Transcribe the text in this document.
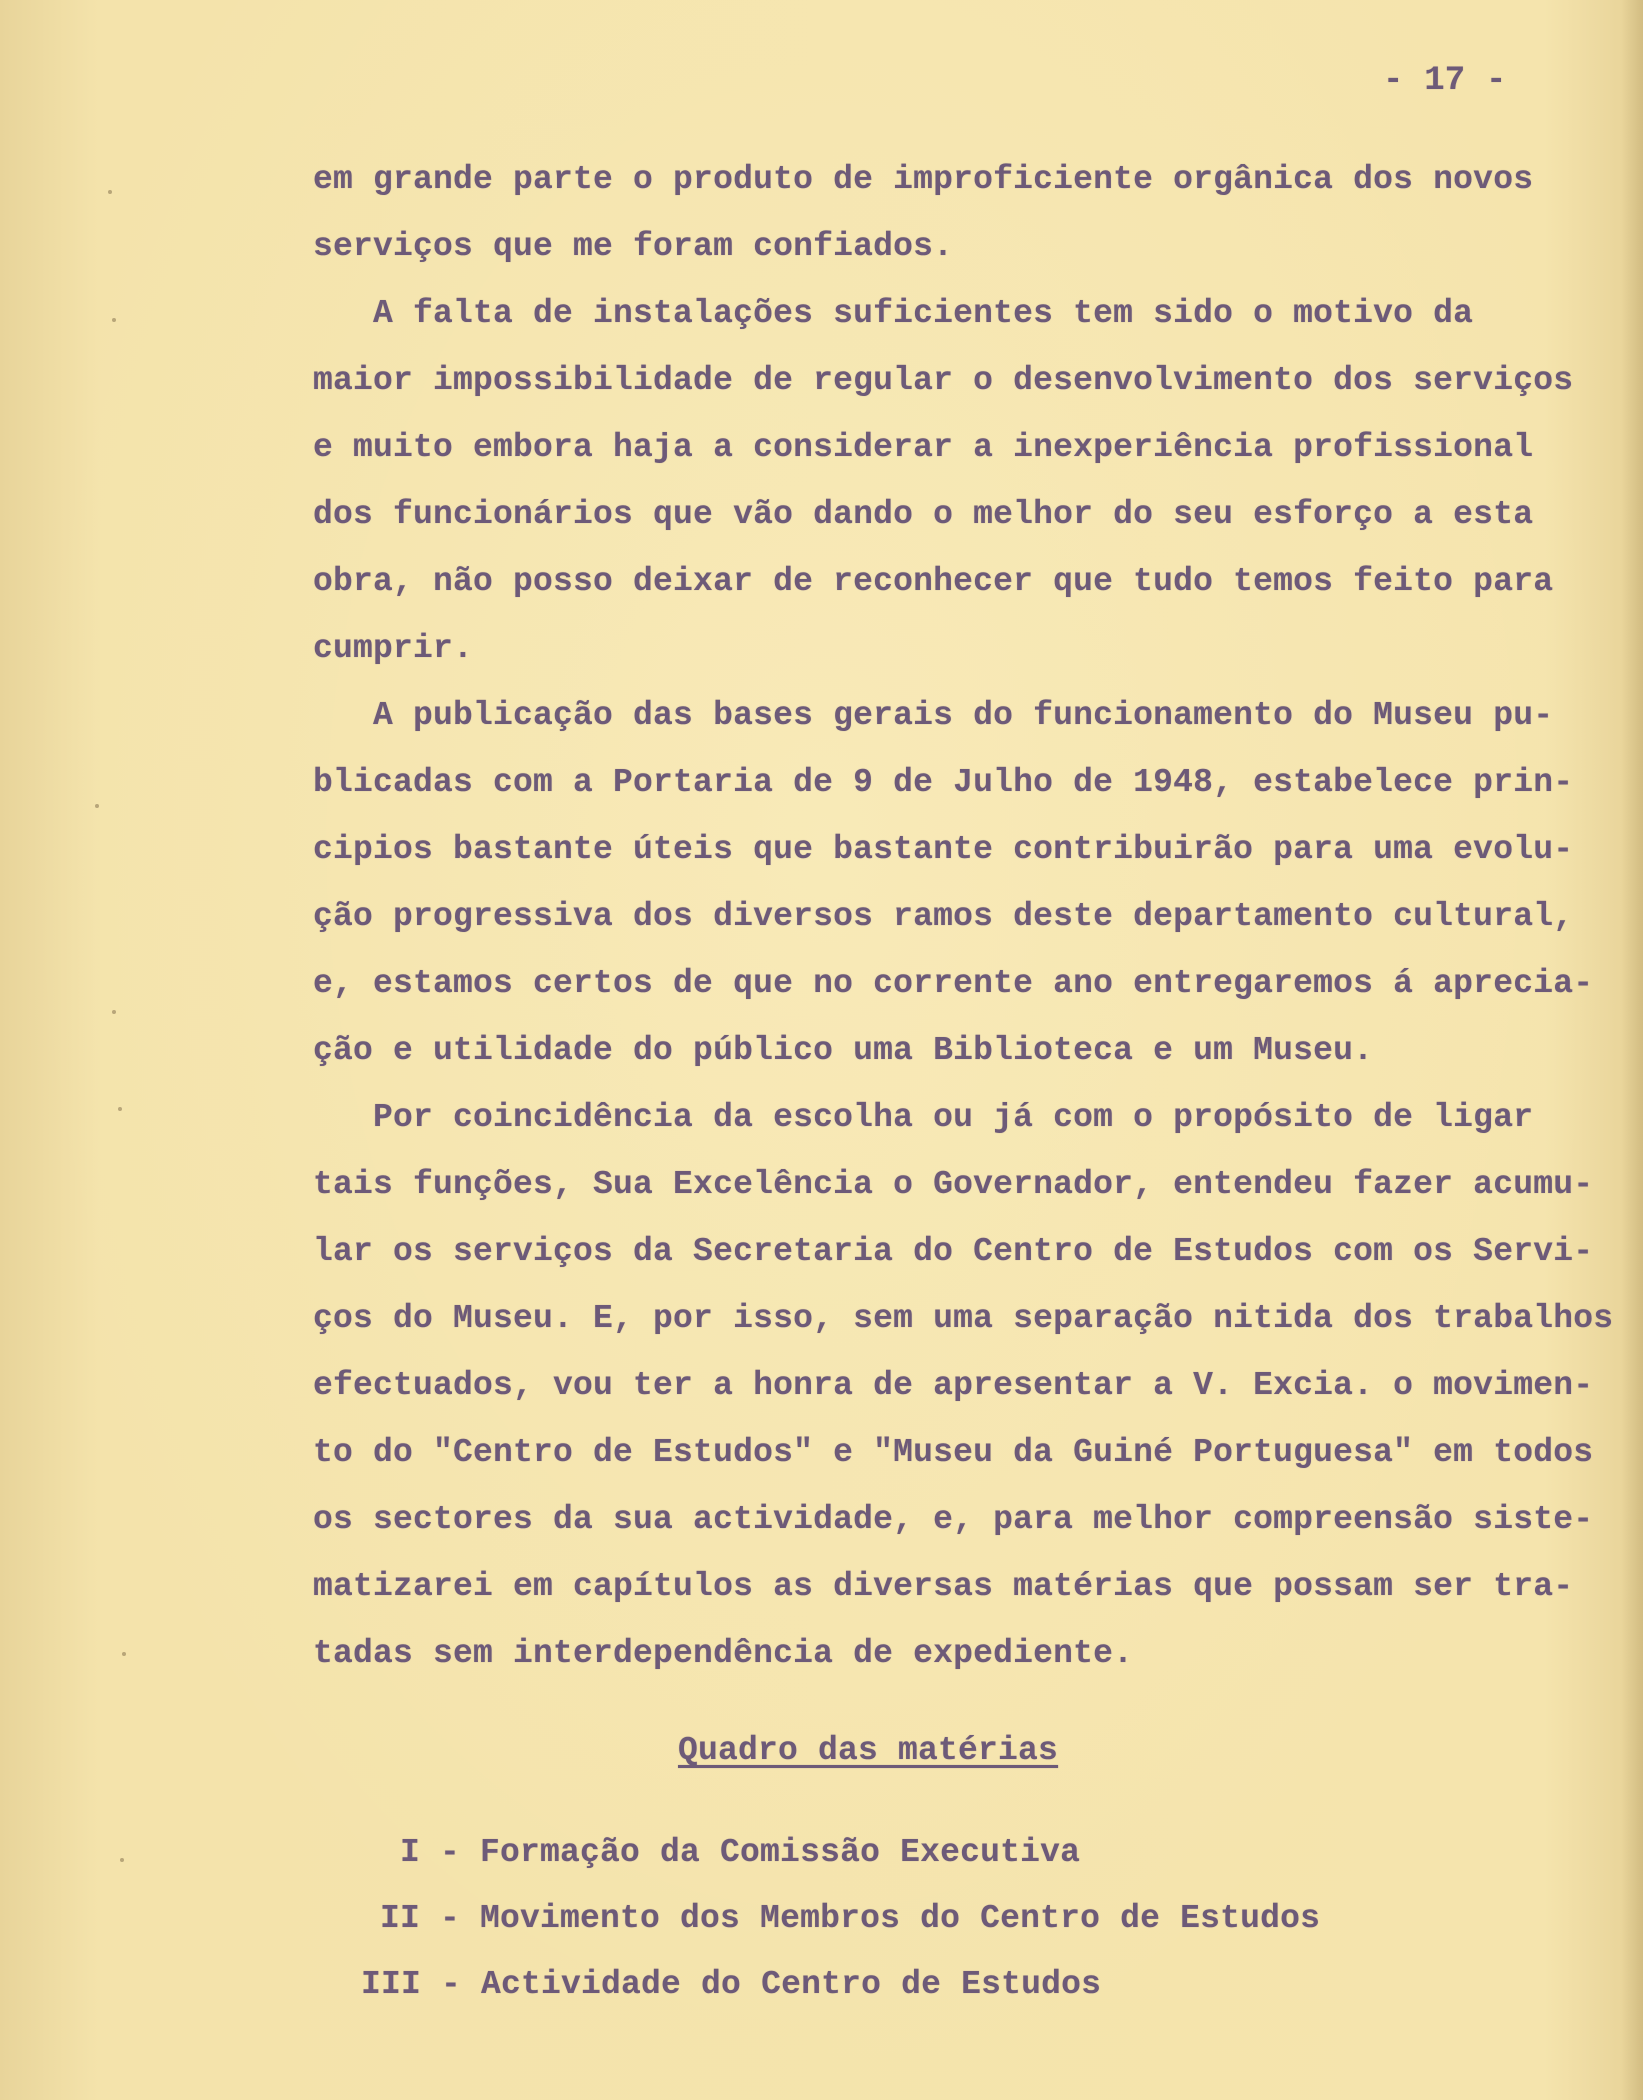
- 17 -
em grande parte o produto de improficiente orgânica dos novos
serviços que me foram confiados.
A falta de instalações suficientes tem sido o motivo da
maior impossibilidade de regular o desenvolvimento dos serviços
e muito embora haja a considerar a inexperiência profissional
dos funcionários que vão dando o melhor do seu esforço a esta
obra, não posso deixar de reconhecer que tudo temos feito para
cumprir.
A publicação das bases gerais do funcionamento do Museu pu-
blicadas com a Portaria de 9 de Julho de 1948, estabelece prin-
cipios bastante úteis que bastante contribuirão para uma evolu-
ção progressiva dos diversos ramos deste departamento cultural,
e, estamos certos de que no corrente ano entregaremos á aprecia-
ção e utilidade do público uma Biblioteca e um Museu.
Por coincidência da escolha ou já com o propósito de ligar
tais funções, Sua Excelência o Governador, entendeu fazer acumu-
lar os serviços da Secretaria do Centro de Estudos com os Servi-
ços do Museu. E, por isso, sem uma separação nitida dos trabalhos
efectuados, vou ter a honra de apresentar a V. Excia. o movimen-
to do "Centro de Estudos" e "Museu da Guiné Portuguesa" em todos
os sectores da sua actividade, e, para melhor compreensão siste-
matizarei em capítulos as diversas matérias que possam ser tra-
tadas sem interdependência de expediente.
Quadro das matérias
I - Formação da Comissão Executiva
II - Movimento dos Membros do Centro de Estudos
III - Actividade do Centro de Estudos
